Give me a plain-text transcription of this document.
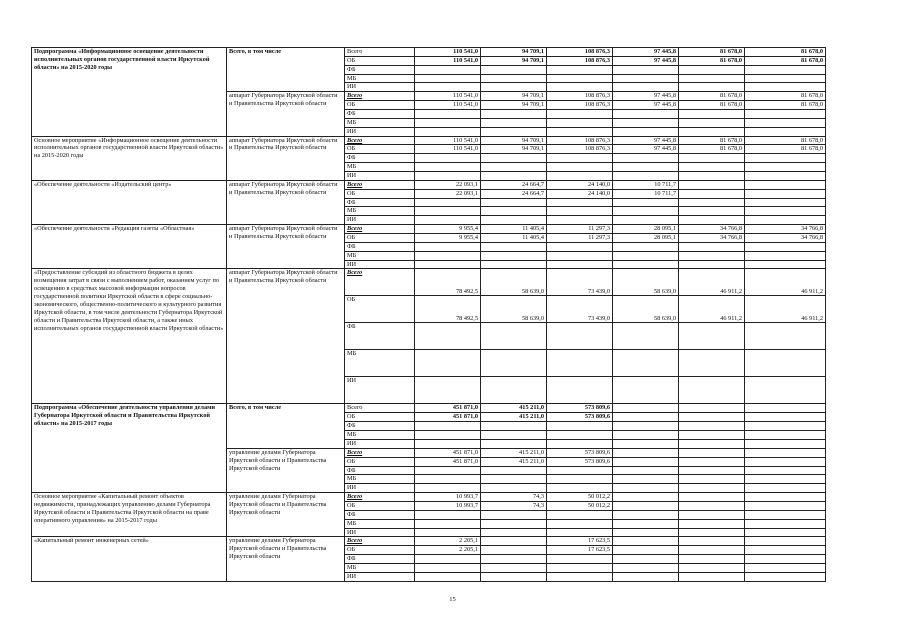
Подпрограмма «Информационное освещение деятельности исполнительных органов государственной власти Иркутской области» на 2015-2020 годы	Всего, в том числе	Всего	110 541,0	94 709,1	108 876,3	97 445,8	81 678,0	81 678,0
		ОБ	110 541,0	94 709,1	108 876,3	97 445,8	81 678,0	81 678,0
		ФБ						
		МБ						
		ИИ						
	аппарат Губернатора Иркутской области и Правительства Иркутской области	Всего	110 541,0	94 709,1	108 876,3	97 445,8	81 678,0	81 678,0
		ОБ	110 541,0	94 709,1	108 876,3	97 445,8	81 678,0	81 678,0
		ФБ						
		МБ						
		ИИ						
Основное мероприятие «Информационное освещение деятельности исполнительных органов государственной власти Иркутской области» на 2015-2020 годы	аппарат Губернатора Иркутской области и Правительства Иркутской области	Всего	110 541,0	94 709,1	108 876,3	97 445,8	81 678,0	81 678,0
		ОБ	110 541,0	94 709,1	108 876,3	97 445,8	81 678,0	81 678,0
		ФБ						
		МБ						
		ИИ						
«Обеспечение деятельности «Издательский центр»	аппарат Губернатора Иркутской области и Правительства Иркутской области	Всего	22 093,1	24 664,7	24 140,0	10 711,7		
		ОБ	22 093,1	24 664,7	24 140,0	10 711,7		
		ФБ						
		МБ						
		ИИ						
«Обеспечение деятельности «Редакция газеты «Областная»	аппарат Губернатора Иркутской области и Правительства Иркутской области	Всего	9 955,4	11 405,4	11 297,3	28 095,1	34 766,8	34 766,8
		ОБ	9 955,4	11 405,4	11 297,3	28 095,1	34 766,8	34 766,8
		ФБ						
		МБ						
		ИИ						
«Предоставление субсидий из областного бюджета в целях возмещения затрат в связи с выполнением работ, оказанием услуг по освещению в средствах массовой информации вопросов государственной политики Иркутской области в сфере социально-экономического, общественно-политического и культурного развития Иркутской области, в том числе деятельности Губернатора Иркутской области и Правительства Иркутской области, а также иных исполнительных органов государственной власти Иркутской области»	аппарат Губернатора Иркутской области и Правительства Иркутской области	Всего	78 492,5	58 639,0	73 439,0	58 639,0	46 911,2	46 911,2
		ОБ	78 492,5	58 639,0	73 439,0	58 639,0	46 911,2	46 911,2
		ФБ						
		МБ						
		ИИ						
Подпрограмма «Обеспечение деятельности управления делами Губернатора Иркутской области и Правительства Иркутской области» на 2015-2017 годы	Всего, в том числе	Всего	451 871,0	415 211,0	573 809,6			
		ОБ	451 871,0	415 211,0	573 809,6			
		ФБ						
		МБ						
		ИИ						
	управление делами Губернатора Иркутской области и Правительства Иркутской области	Всего	451 871,0	415 211,0	573 809,6			
		ОБ	451 871,0	415 211,0	573 809,6			
		ФБ						
		МБ						
		ИИ						
Основное мероприятие «Капитальный ремонт объектов недвижимости, принадлежащих управлению делами Губернатора Иркутской области и Правительства Иркутской области на праве оперативного управления» на 2015-2017 годы	управление делами Губернатора Иркутской области и Правительства Иркутской области	Всего	10 993,7	74,3	50 012,2			
		ОБ	10 993,7	74,3	50 012,2			
		ФБ						
		МБ						
		ИИ						
«Капитальный ремонт инженерных сетей»	управление делами Губернатора Иркутской области и Правительства Иркутской области	Всего	2 205,1		17 623,5			
		ОБ	2 205,1		17 623,5			
		ФБ						
		МБ						
		ИИ						
15
